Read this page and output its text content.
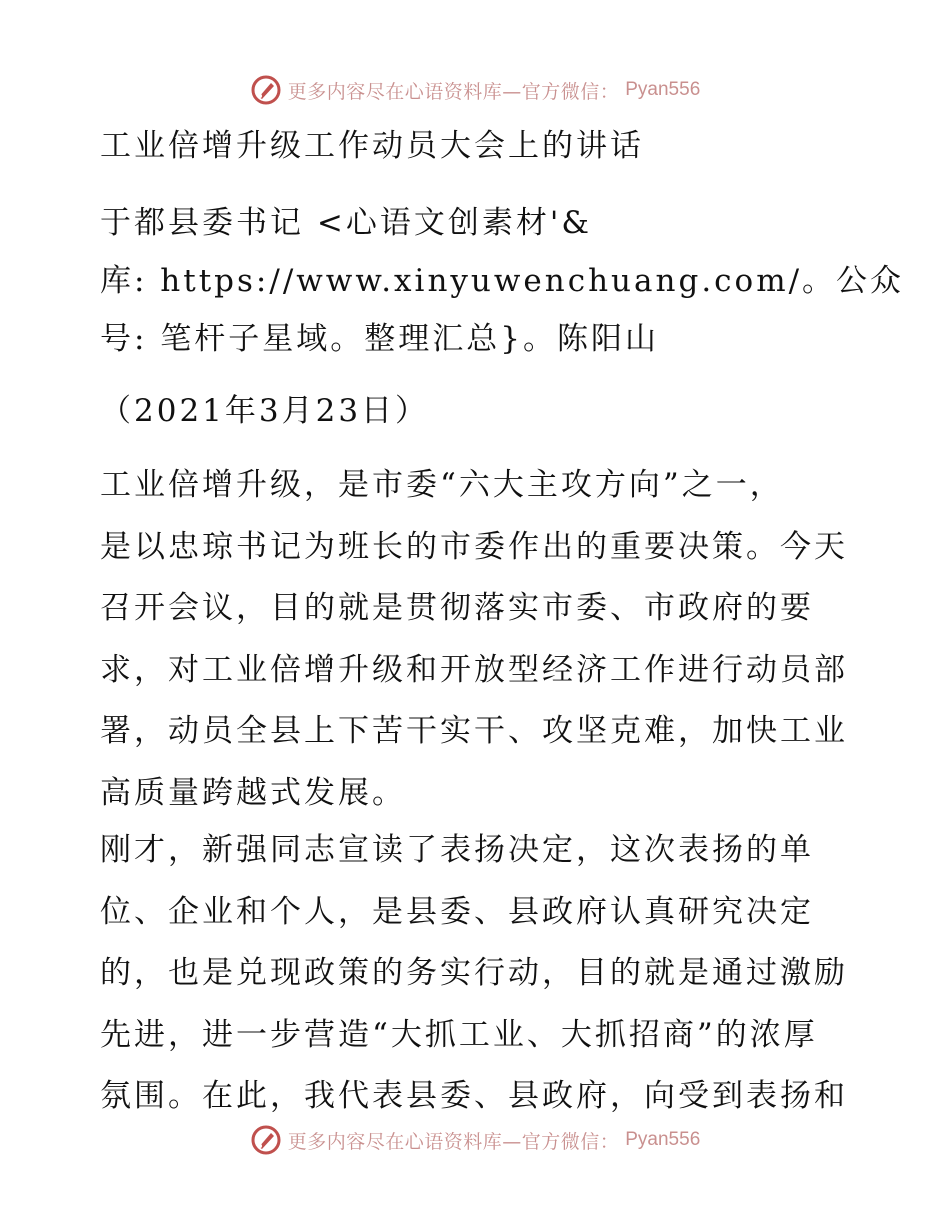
更多内容尽在心语资料库—官方微信： Pyan556
工业倍增升级工作动员大会上的讲话
于都县委书记 <心语文创素材'&
库: https://www.xinyuwenchuang.com/。公众
号: 笔杆子星域。整理汇总}。陈阳山
（2021年3月23日）
工业倍增升级，是市委“六大主攻方向”之一，
是以忠琼书记为班长的市委作出的重要决策。今天
召开会议，目的就是贯彻落实市委、市政府的要
求，对工业倍增升级和开放型经济工作进行动员部
署，动员全县上下苦干实干、攻坚克难，加快工业
高质量跨越式发展。
刚才，新强同志宣读了表扬决定，这次表扬的单
位、企业和个人，是县委、县政府认真研究决定
的，也是兑现政策的务实行动，目的就是通过激励
先进，进一步营造“大抓工业、大抓招商”的浓厚
氛围。在此，我代表县委、县政府，向受到表扬和
更多内容尽在心语资料库—官方微信： Pyan556
